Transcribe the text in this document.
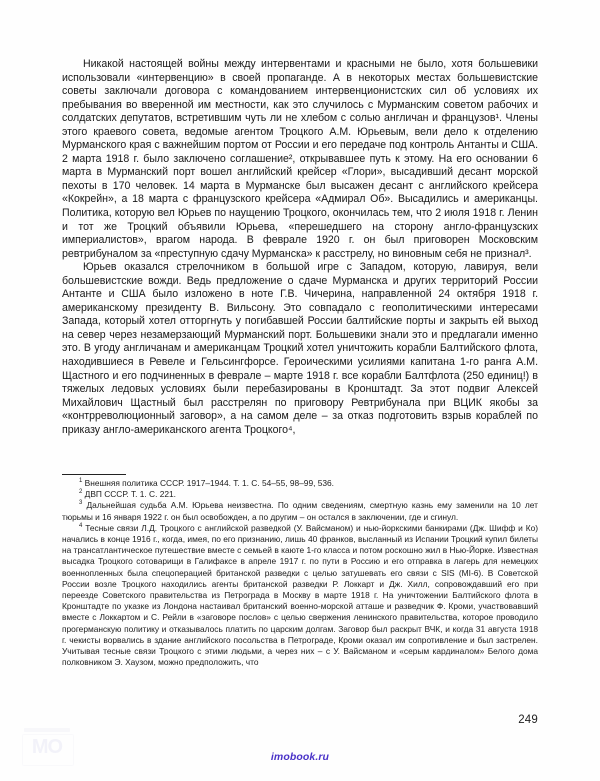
Никакой настоящей войны между интервентами и красными не было, хотя большевики использовали «интервенцию» в своей пропаганде. А в некоторых местах большевистские советы заключали договора с командованием интервенционистских сил об условиях их пребывания во вверенной им местности, как это случилось с Мурманским советом рабочих и солдатских депутатов, встретившим чуть ли не хлебом с солью англичан и французов¹. Члены этого краевого совета, ведомые агентом Троцкого А.М. Юрьевым, вели дело к отделению Мурманского края с важнейшим портом от России и его передаче под контроль Антанты и США. 2 марта 1918 г. было заключено соглашение², открывавшее путь к этому. На его основании 6 марта в Мурманский порт вошел английский крейсер «Глори», высадивший десант морской пехоты в 170 человек. 14 марта в Мурманске был высажен десант с английского крейсера «Кокрейн», а 18 марта с французского крейсера «Адмирал Об». Высадились и американцы. Политика, которую вел Юрьев по наущению Троцкого, окончилась тем, что 2 июля 1918 г. Ленин и тот же Троцкий объявили Юрьева, «перешедшего на сторону англо-французских империалистов», врагом народа. В феврале 1920 г. он был приговорен Московским ревтрибуналом за «преступную сдачу Мурманска» к расстрелу, но виновным себя не признал³.

Юрьев оказался стрелочником в большой игре с Западом, которую, лавируя, вели большевистские вожди. Ведь предложение о сдаче Мурманска и других территорий России Антанте и США было изложено в ноте Г.В. Чичерина, направленной 24 октября 1918 г. американскому президенту В. Вильсону. Это совпадало с геополитическими интересами Запада, который хотел отторгнуть у погибавшей России балтийские порты и закрыть ей выход на север через незамерзающий Мурманский порт. Большевики знали это и предлагали именно это. В угоду англичанам и американцам Троцкий хотел уничтожить корабли Балтийского флота, находившиеся в Ревеле и Гельсингфорсе. Героическими усилиями капитана 1-го ранга А.М. Щастного и его подчиненных в феврале – марте 1918 г. все корабли Балтфлота (250 единиц!) в тяжелых ледовых условиях были перебазированы в Кронштадт. За этот подвиг Алексей Михайлович Щастный был расстрелян по приговору Ревтрибунала при ВЦИК якобы за «контрреволюционный заговор», а на самом деле – за отказ подготовить взрыв кораблей по приказу англо-американского агента Троцкого⁴,

$^1$ Внешняя политика СССР. 1917–1944. Т. 1. С. 54–55, 98–99, 536.

$^2$ ДВП СССР. Т. 1. С. 221.

$^3$ Дальнейшая судьба А.М. Юрьева неизвестна. По одним сведениям, смертную казнь ему заменили на 10 лет тюрьмы и 16 января 1922 г. он был освобожден, а по другим – он остался в заключении, где и сгинул.

$^4$ Тесные связи Л.Д. Троцкого с английской разведкой (У. Вайсманом) и нью-йоркскими банкирами (Дж. Шифф и Ко) начались в конце 1916 г., когда, имея, по его признанию, лишь 40 франков, высланный из Испании Троцкий купил билеты на трансатлантическое путешествие вместе с семьей в каюте 1-го класса и потом роскошно жил в Нью-Йорке. Известная высадка Троцкого сотоварищи в Галифаксе в апреле 1917 г. по пути в Россию и его отправка в лагерь для немецких военнопленных была спецоперацией британской разведки с целью затушевать его связи с SIS (MI-6). В Советской России возле Троцкого находились агенты британской разведки Р. Локкарт и Дж. Хилл, сопровождавший его при переезде Советского правительства из Петрограда в Москву в марте 1918 г. На уничтожении Балтийского флота в Кронштадте по указке из Лондона настаивал британский военно-морской атташе и разведчик Ф. Кроми, участвовавший вместе с Локкартом и С. Рейли в «заговоре послов» с целью свержения ленинского правительства, которое проводило прогерманскую политику и отказывалось платить по царским долгам. Заговор был раскрыт ВЧК, и когда 31 августа 1918 г. чекисты ворвались в здание английского посольства в Петрограде, Кроми оказал им сопротивление и был застрелен. Учитывая тесные связи Троцкого с этими людьми, а через них – с У. Вайсманом и «серым кардиналом» Белого дома полковником Э. Хаузом, можно предположить, что

249
imobook.ru
МО
